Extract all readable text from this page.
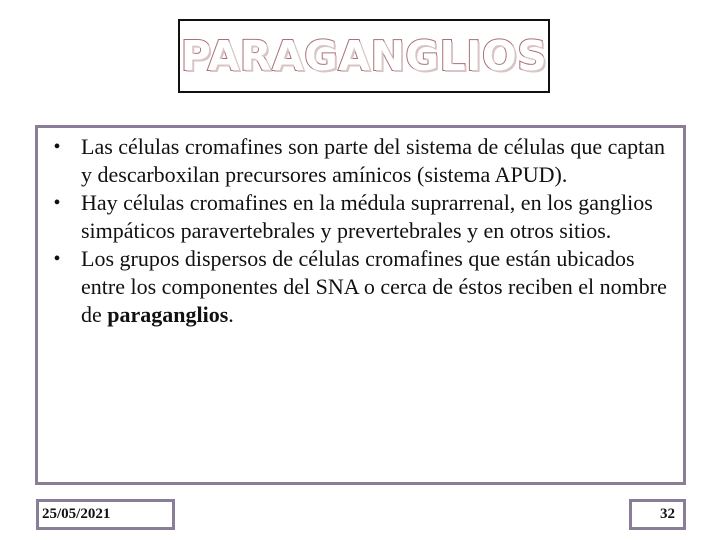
PARAGANGLIOS
• Las células cromafines son parte del sistema de células que captan y descarboxilan precursores amínicos (sistema APUD).
• Hay células cromafines en la médula suprarrenal, en los ganglios simpáticos paravertebrales y prevertebrales y en otros sitios.
• Los grupos dispersos de células cromafines que están ubicados entre los componentes del SNA o cerca de éstos reciben el nombre de paraganglios.
25/05/2021	32
